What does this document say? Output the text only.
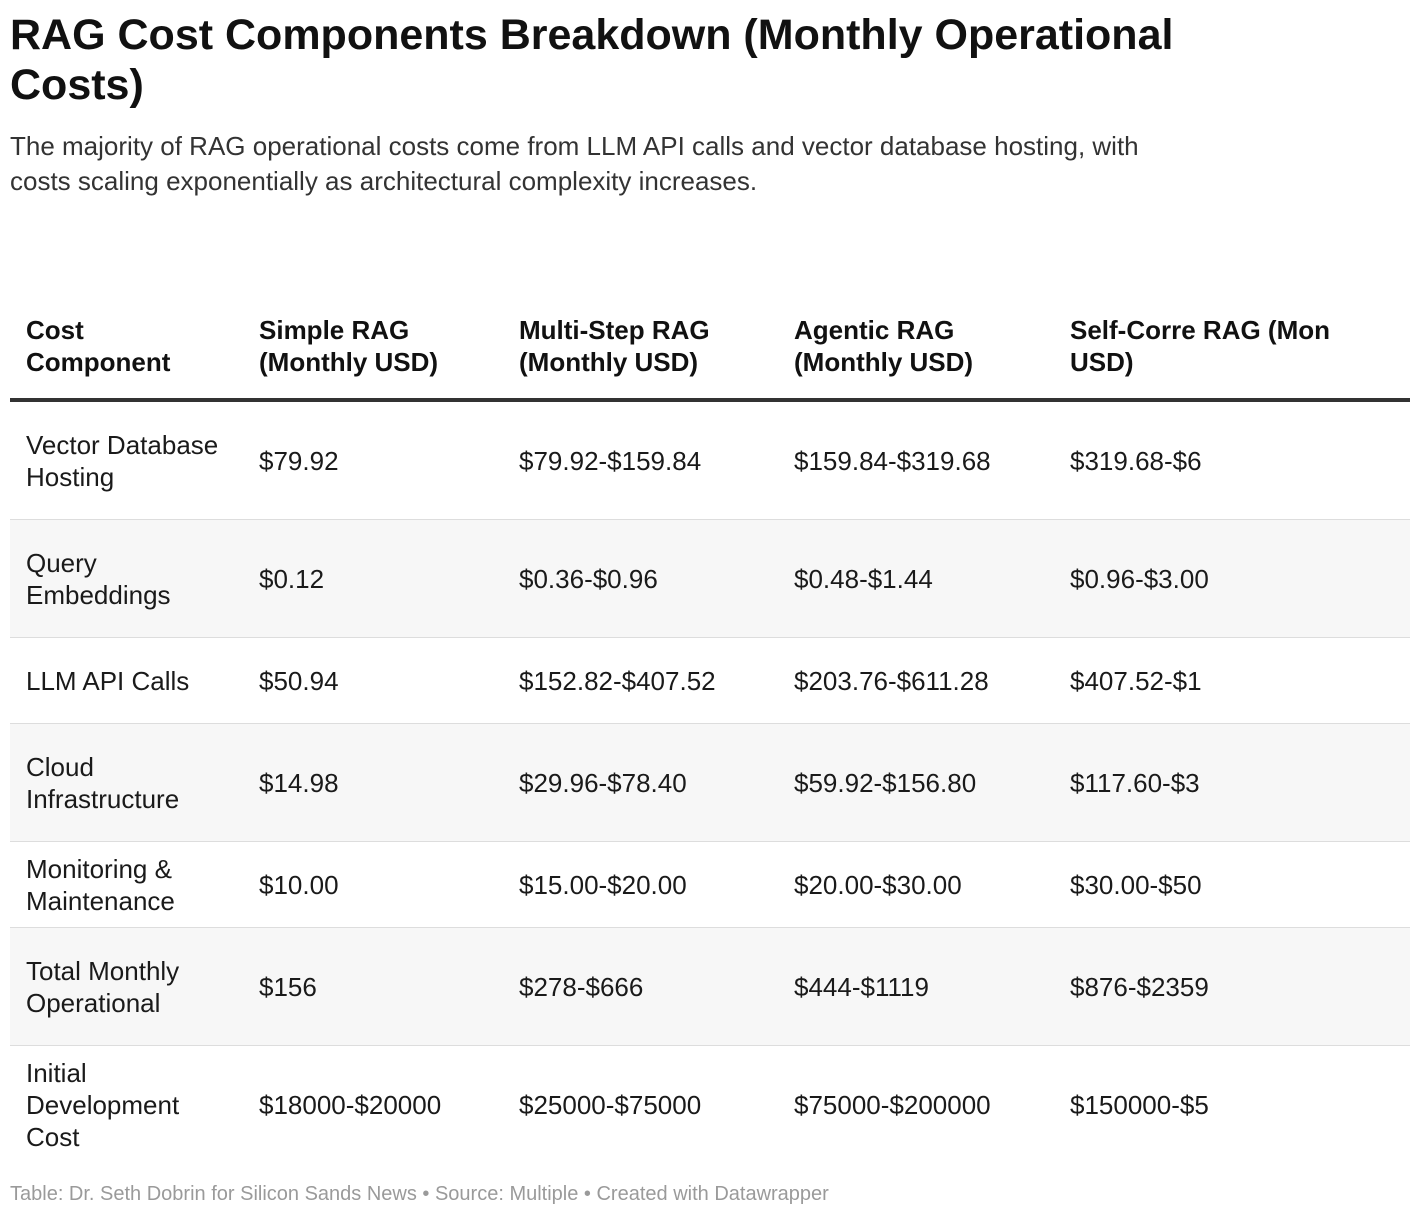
RAG Cost Components Breakdown (Monthly Operational Costs)

The majority of RAG operational costs come from LLM API calls and vector database hosting, with costs scaling exponentially as architectural complexity increases.

Cost Component	Simple RAG (Monthly USD)	Multi-Step RAG (Monthly USD)	Agentic RAG (Monthly USD)	Self-Corre RAG (Mon USD)
Vector Database Hosting	$79.92	$79.92-$159.84	$159.84-$319.68	$319.68-$6
Query Embeddings	$0.12	$0.36-$0.96	$0.48-$1.44	$0.96-$3.00
LLM API Calls	$50.94	$152.82-$407.52	$203.76-$611.28	$407.52-$1
Cloud Infrastructure	$14.98	$29.96-$78.40	$59.92-$156.80	$117.60-$3
Monitoring & Maintenance	$10.00	$15.00-$20.00	$20.00-$30.00	$30.00-$50
Total Monthly Operational	$156	$278-$666	$444-$1119	$876-$2359
Initial Development Cost	$18000-$20000	$25000-$75000	$75000-$200000	$150000-$5
Table: Dr. Seth Dobrin for Silicon Sands News • Source: Multiple • Created with Datawrapper
